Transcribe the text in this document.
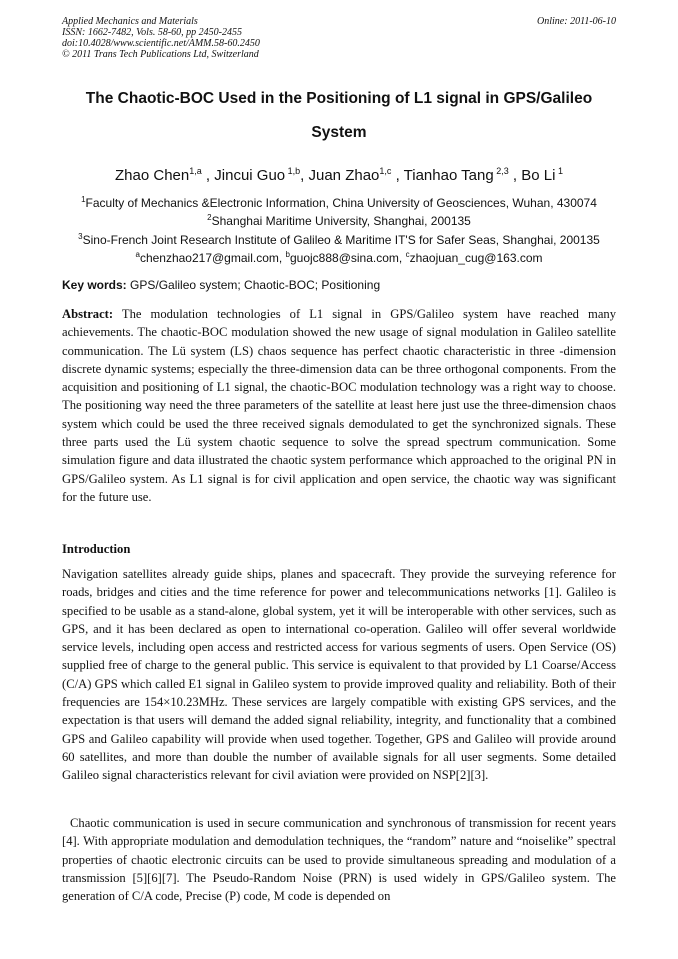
Applied Mechanics and Materials
ISSN: 1662-7482, Vols. 58-60, pp 2450-2455
doi:10.4028/www.scientific.net/AMM.58-60.2450
© 2011 Trans Tech Publications Ltd, Switzerland
Online: 2011-06-10
The Chaotic-BOC Used in the Positioning of L1 signal in GPS/Galileo
System
Zhao Chen$^{1,a}$ , Jincui Guo $^{1,b}$, Juan Zhao$^{1,c}$ , Tianhao Tang $^{2,3}$ , Bo Li $^1$
$^1$Faculty of Mechanics &Electronic Information, China University of Geosciences, Wuhan, 430074
$^2$Shanghai Maritime University, Shanghai, 200135
$^3$Sino-French Joint Research Institute of Galileo & Maritime IT'S for Safer Seas, Shanghai, 200135
$^a$chenzhao217@gmail.com, $^b$guojc888@sina.com, $^c$zhaojuan_cug@163.com
Key words: GPS/Galileo system; Chaotic-BOC; Positioning

Abstract: The modulation technologies of L1 signal in GPS/Galileo system have reached many achievements. The chaotic-BOC modulation showed the new usage of signal modulation in Galileo satellite communication. The Lü system (LS) chaos sequence has perfect chaotic characteristic in three -dimension discrete dynamic systems; especially the three-dimension data can be three orthogonal components. From the acquisition and positioning of L1 signal, the chaotic-BOC modulation technology was a right way to choose. The positioning way need the three parameters of the satellite at least here just use the three-dimension chaos system which could be used the three received signals demodulated to get the synchronized signals. These three parts used the Lü system chaotic sequence to solve the spread spectrum communication. Some simulation figure and data illustrated the chaotic system performance which approached to the original PN in GPS/Galileo system. As L1 signal is for civil application and open service, the chaotic way was significant for the future use.

Introduction

Navigation satellites already guide ships, planes and spacecraft. They provide the surveying reference for roads, bridges and cities and the time reference for power and telecommunications networks [1]. Galileo is specified to be usable as a stand-alone, global system, yet it will be interoperable with other services, such as GPS, and it has been declared as open to international co-operation. Galileo will offer several worldwide service levels, including open access and restricted access for various segments of users. Open Service (OS) supplied free of charge to the general public. This service is equivalent to that provided by L1 Coarse/Access (C/A) GPS which called E1 signal in Galileo system to provide improved quality and reliability. Both of their frequencies are 154×10.23MHz. These services are largely compatible with existing GPS services, and the expectation is that users will demand the added signal reliability, integrity, and functionality that a combined GPS and Galileo capability will provide when used together. Together, GPS and Galileo will provide around 60 satellites, and more than double the number of available signals for all user segments. Some detailed Galileo signal characteristics relevant for civil aviation were provided on NSP[2][3].

Chaotic communication is used in secure communication and synchronous of transmission for recent years [4]. With appropriate modulation and demodulation techniques, the “random” nature and “noiselike” spectral properties of chaotic electronic circuits can be used to provide simultaneous spreading and modulation of a transmission [5][6][7]. The Pseudo-Random Noise (PRN) is used widely in GPS/Galileo system. The generation of C/A code, Precise (P) code, M code is depended on
